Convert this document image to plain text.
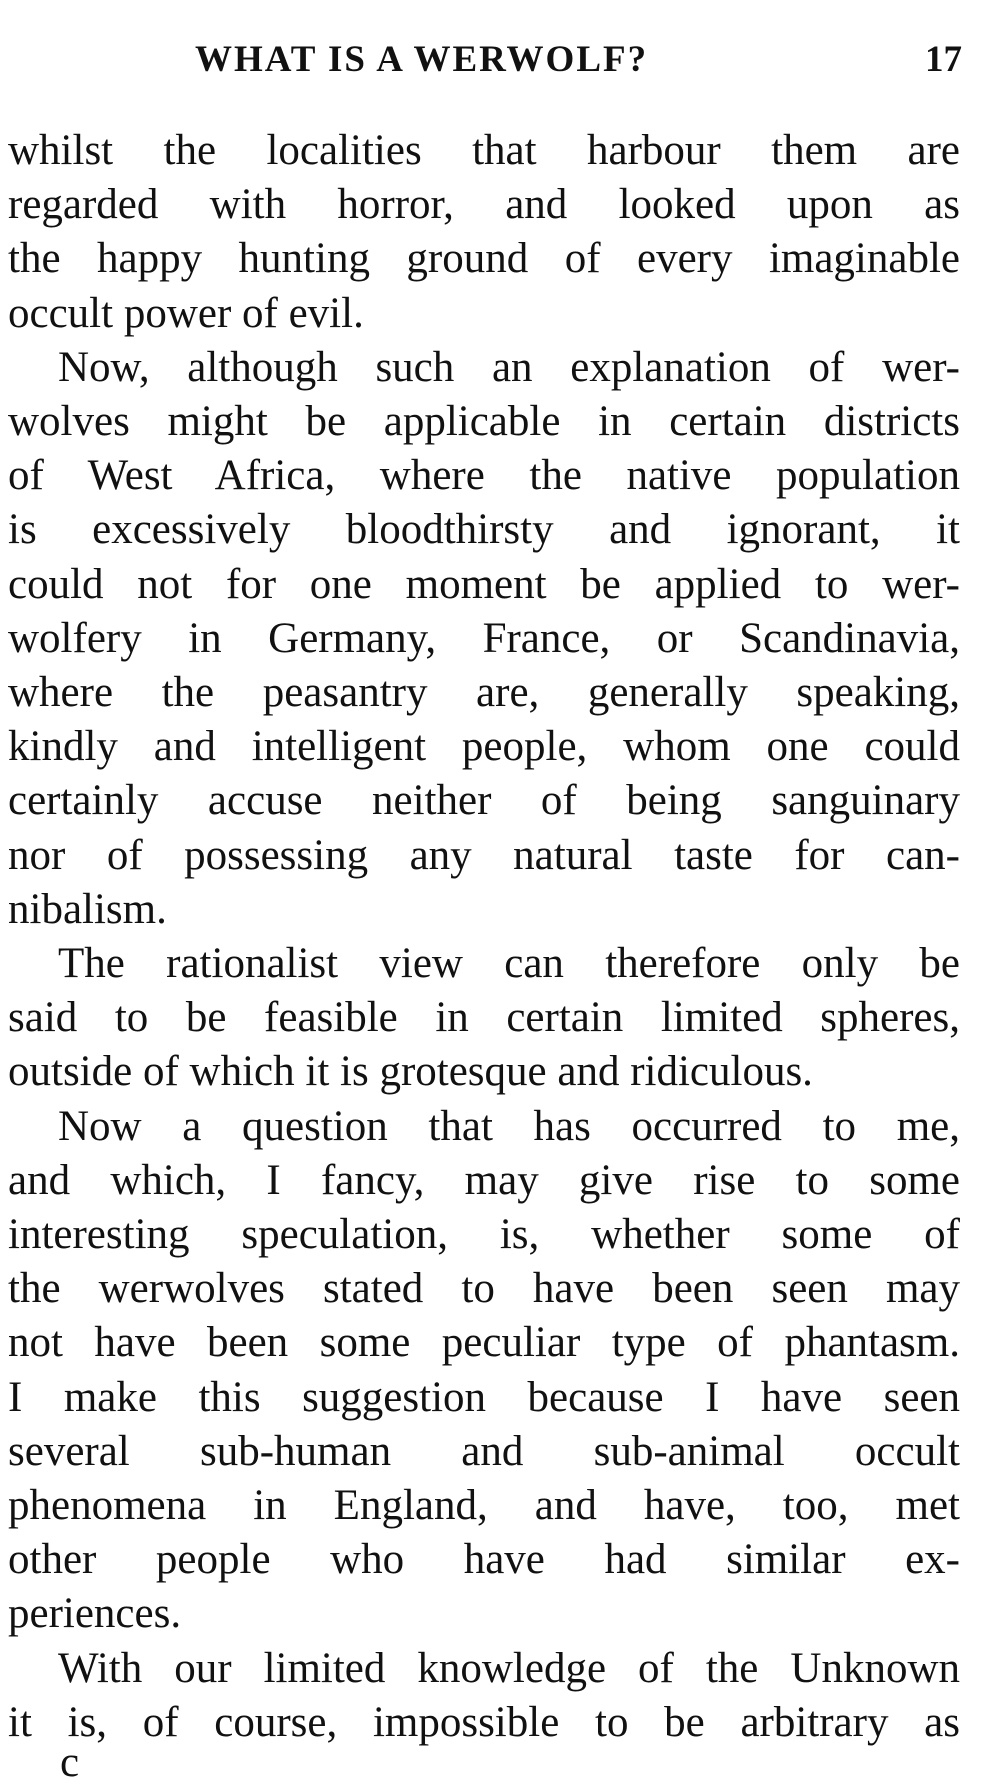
WHAT IS A WERWOLF?	17

whilst the localities that harbour them are
regarded with horror, and looked upon as
the happy hunting ground of every imaginable
occult power of evil.

Now, although such an explanation of wer-
wolves might be applicable in certain districts
of West Africa, where the native population
is excessively bloodthirsty and ignorant, it
could not for one moment be applied to wer-
wolfery in Germany, France, or Scandinavia,
where the peasantry are, generally speaking,
kindly and intelligent people, whom one could
certainly accuse neither of being sanguinary
nor of possessing any natural taste for can-
nibalism.

The rationalist view can therefore only be
said to be feasible in certain limited spheres,
outside of which it is grotesque and ridiculous.

Now a question that has occurred to me,
and which, I fancy, may give rise to some
interesting speculation, is, whether some of
the werwolves stated to have been seen may
not have been some peculiar type of phantasm.
I make this suggestion because I have seen
several sub-human and sub-animal occult
phenomena in England, and have, too, met
other people who have had similar ex-
periences.

With our limited knowledge of the Unknown
it is, of course, impossible to be arbitrary as

c
